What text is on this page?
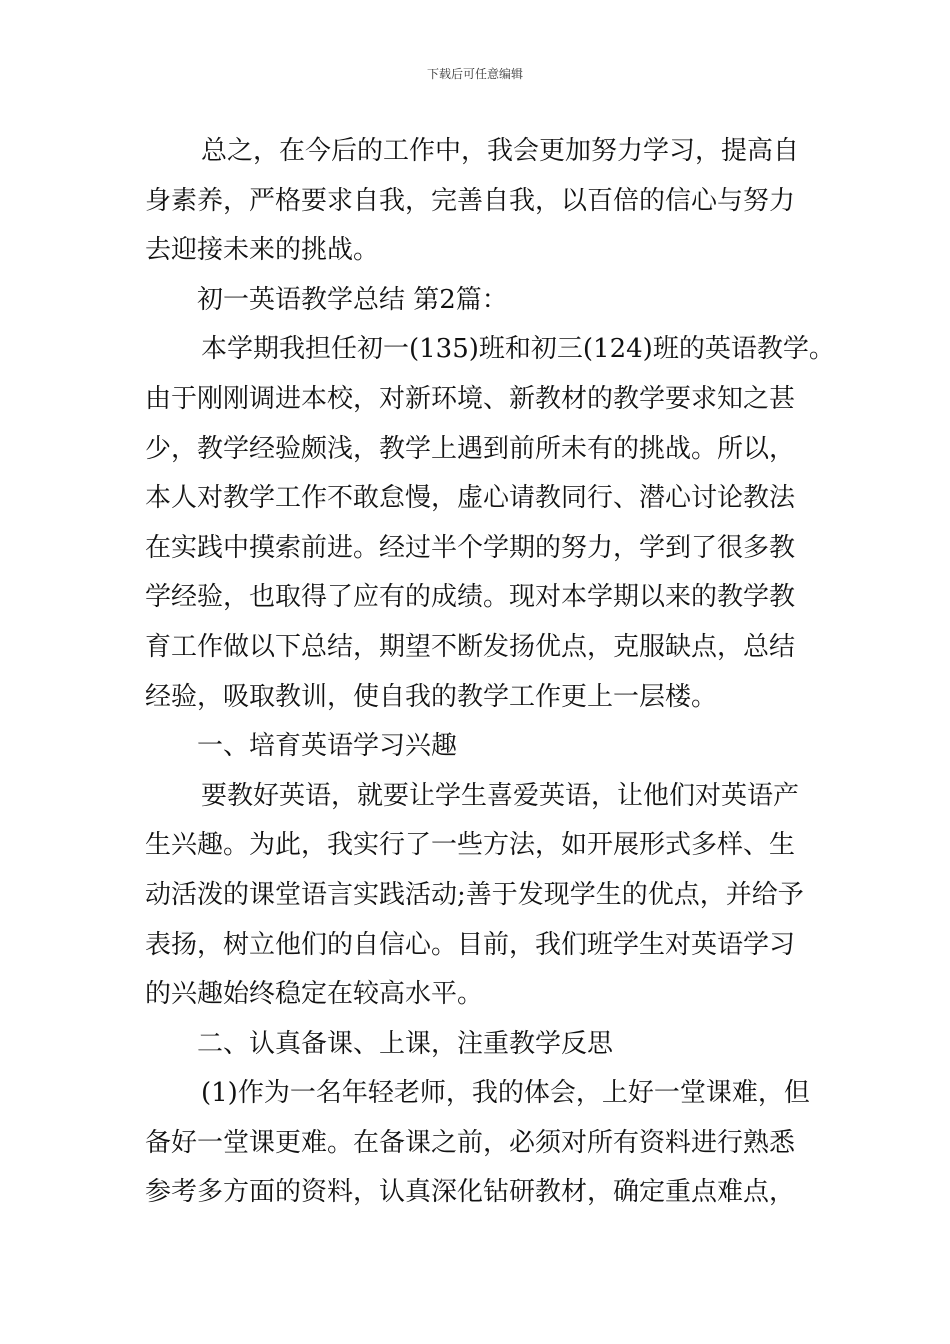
下载后可任意编辑
总之，在今后的工作中，我会更加努力学习，提高自
身素养，严格要求自我，完善自我，以百倍的信心与努力
去迎接未来的挑战。
初一英语教学总结 第2篇：
本学期我担任初一(135)班和初三(124)班的英语教学。
由于刚刚调进本校，对新环境、新教材的教学要求知之甚
少，教学经验颇浅，教学上遇到前所未有的挑战。所以，
本人对教学工作不敢怠慢，虚心请教同行、潜心讨论教法
在实践中摸索前进。经过半个学期的努力，学到了很多教
学经验，也取得了应有的成绩。现对本学期以来的教学教
育工作做以下总结，期望不断发扬优点，克服缺点，总结
经验，吸取教训，使自我的教学工作更上一层楼。
一、培育英语学习兴趣
要教好英语，就要让学生喜爱英语，让他们对英语产
生兴趣。为此，我实行了一些方法，如开展形式多样、生
动活泼的课堂语言实践活动;善于发现学生的优点，并给予
表扬，树立他们的自信心。目前，我们班学生对英语学习
的兴趣始终稳定在较高水平。
二、认真备课、上课，注重教学反思
(1)作为一名年轻老师，我的体会，上好一堂课难，但
备好一堂课更难。在备课之前，必须对所有资料进行熟悉
参考多方面的资料，认真深化钻研教材，确定重点难点，
